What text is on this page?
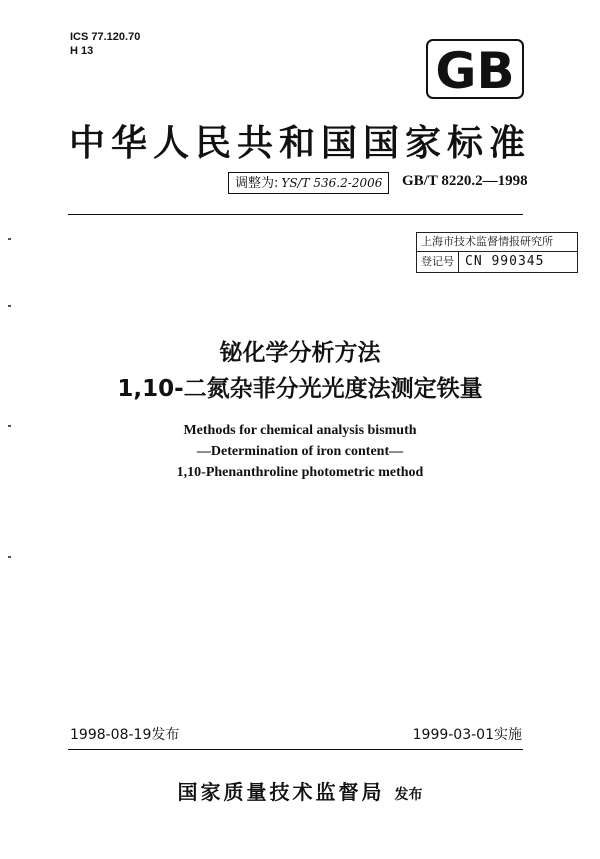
ICS 77.120.70
H 13	GB
中华人民共和国国家标准
调整为: YS/T 536.2-2006	GB/T 8220.2—1998
上海市技术监督情报研究所
登记号 CN 990345
铋化学分析方法
1,10-二氮杂菲分光光度法测定铁量
Methods for chemical analysis bismuth
—Determination of iron content—
1,10-Phenanthroline photometric method
1998-08-19发布	1999-03-01实施
国家质量技术监督局 发布
